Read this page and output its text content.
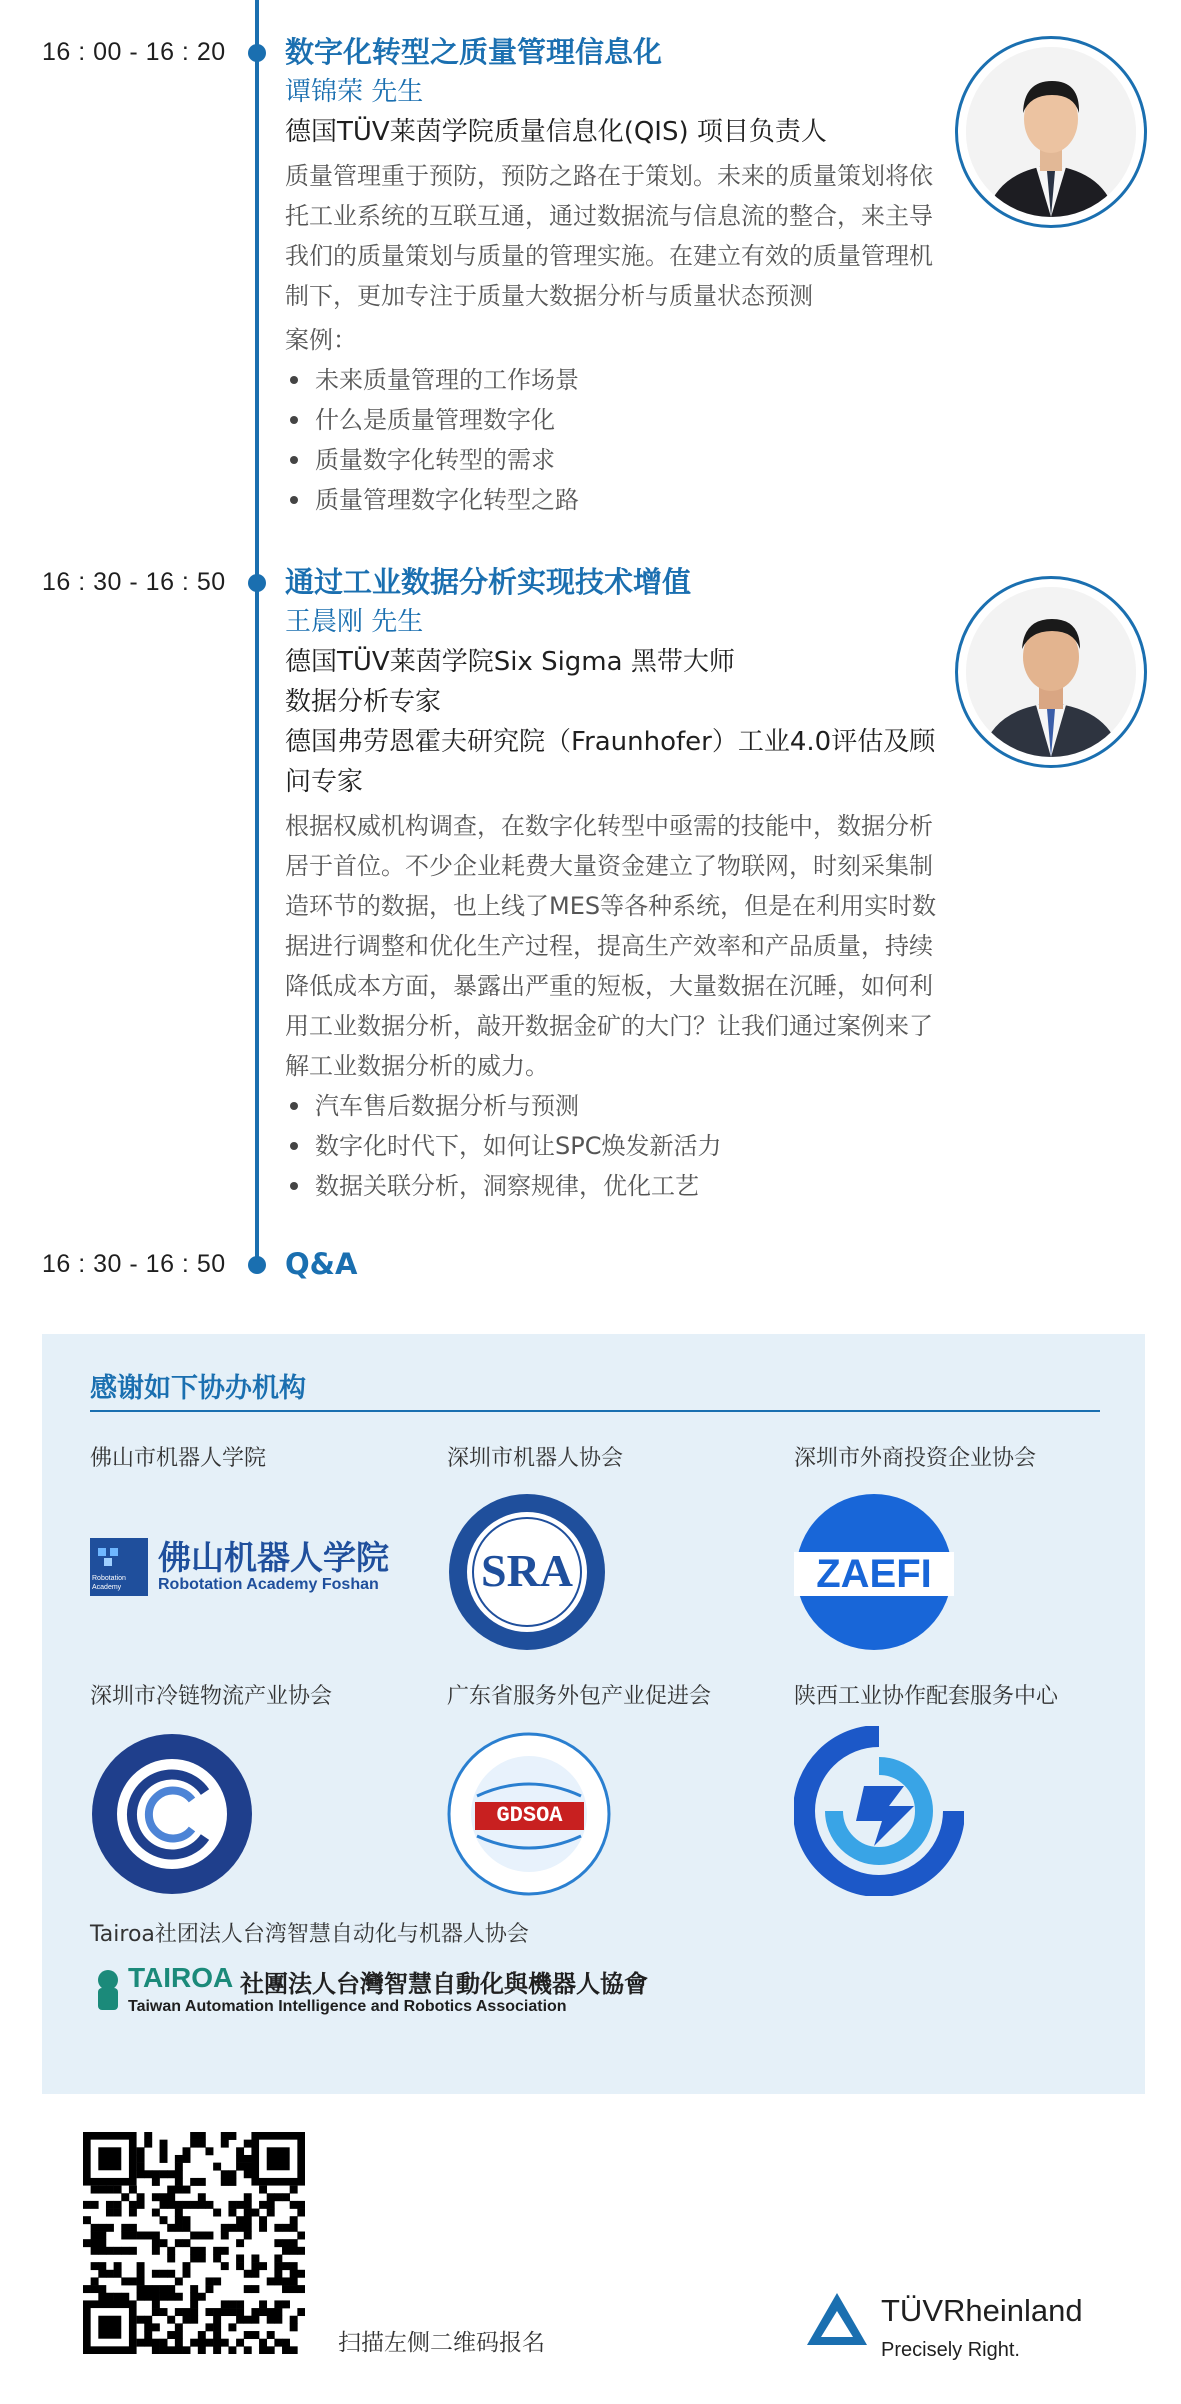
16 : 00 - 16 : 20 数字化转型之质量管理信息化
谭锦荣 先生
德国TÜV莱茵学院质量信息化(QIS) 项目负责人
质量管理重于预防，预防之路在于策划。未来的质量策划将依托工业系统的互联互通，通过数据流与信息流的整合，来主导我们的质量策划与质量的管理实施。在建立有效的质量管理机制下，更加专注于质量大数据分析与质量状态预测
案例：
未来质量管理的工作场景
什么是质量管理数字化
质量数字化转型的需求
质量管理数字化转型之路
16 : 30 - 16 : 50 通过工业数据分析实现技术增值
王晨刚 先生
德国TÜV莱茵学院Six Sigma 黑带大师
数据分析专家
德国弗劳恩霍夫研究院（Fraunhofer）工业4.0评估及顾问专家
根据权威机构调查，在数字化转型中亟需的技能中，数据分析居于首位。不少企业耗费大量资金建立了物联网，时刻采集制造环节的数据，也上线了MES等各种系统，但是在利用实时数据进行调整和优化生产过程，提高生产效率和产品质量，持续降低成本方面，暴露出严重的短板，大量数据在沉睡，如何利用工业数据分析，敲开数据金矿的大门？让我们通过案例来了解工业数据分析的威力。
汽车售后数据分析与预测
数字化时代下，如何让SPC焕发新活力
数据关联分析，洞察规律，优化工艺
16 : 30 - 16 : 50 Q&A
感谢如下协办机构
佛山市机器人学院
Robotation Academy
佛山机器人学院
Robotation Academy Foshan
深圳市机器人协会
SRA
深圳市外商投资企业协会
ZAEFI
深圳市冷链物流产业协会	广东省服务外包产业促进会
GDSOA
陕西工业协作配套服务中心
Tairoa社团法人台湾智慧自动化与机器人协会
TAIROA 社團法人台灣智慧自動化與機器人協會
Taiwan Automation Intelligence and Robotics Association
扫描左侧二维码报名
TÜVRheinland
Precisely Right.
